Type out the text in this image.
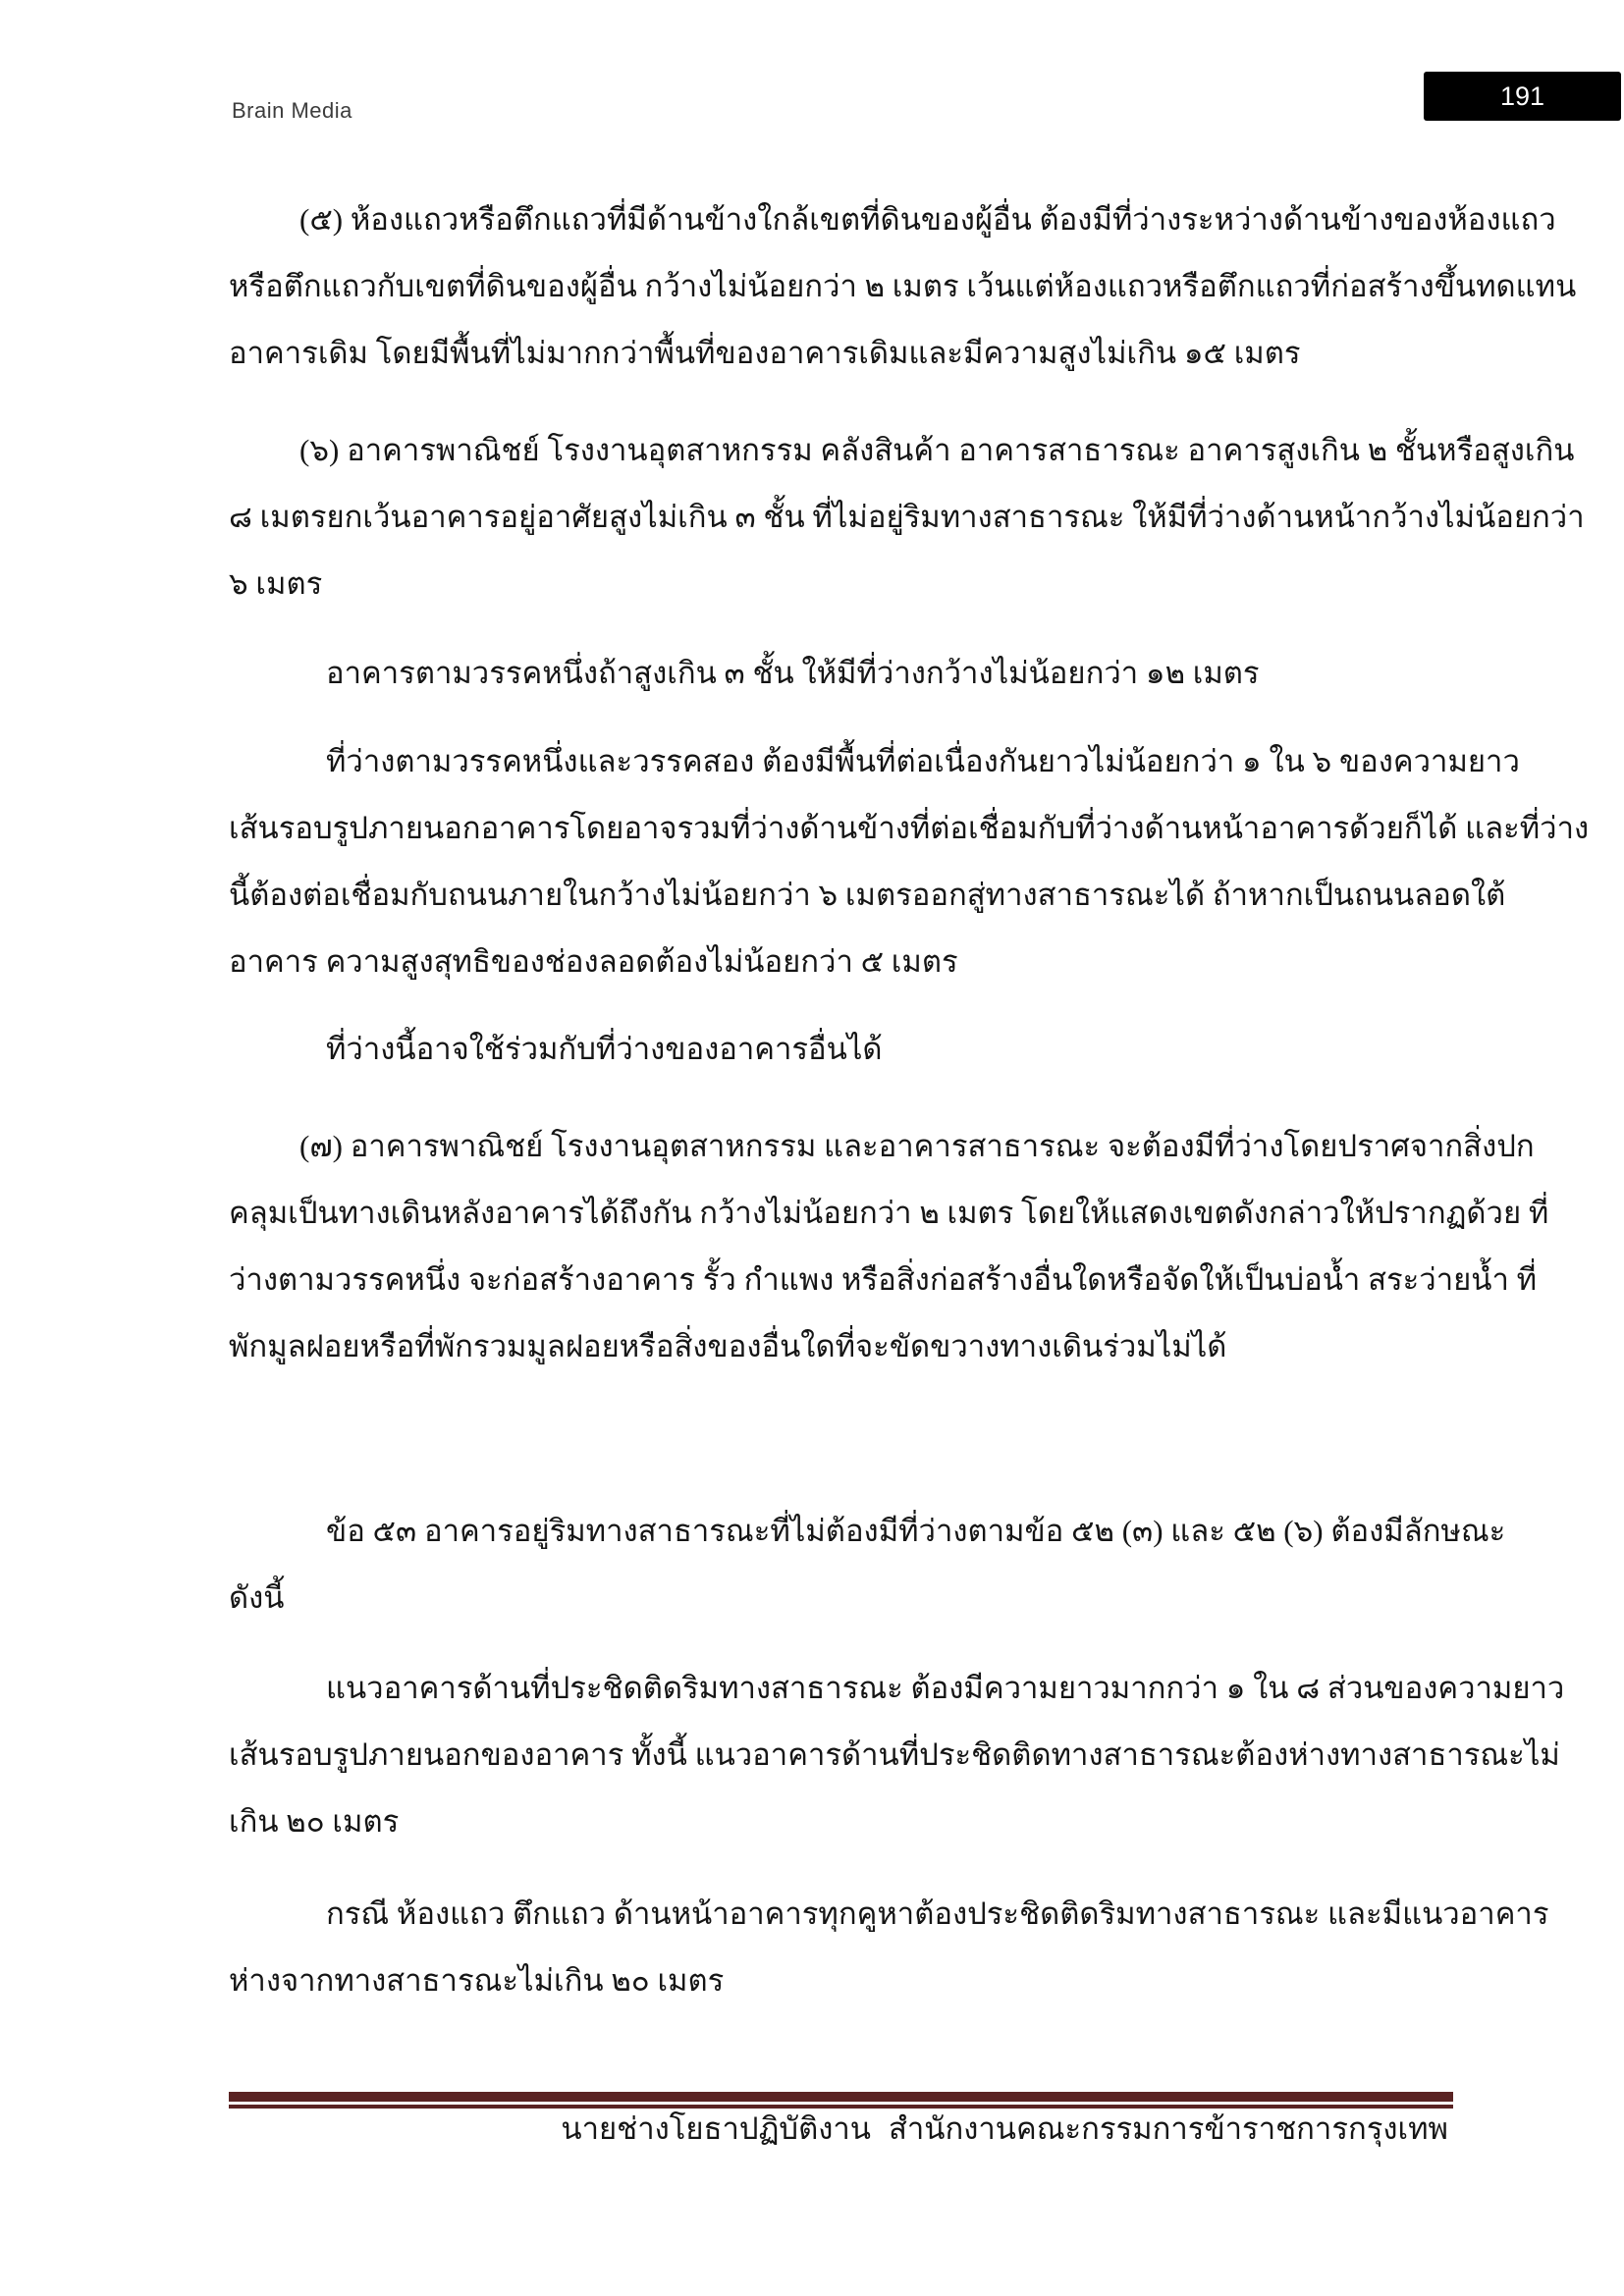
Brain Media	191
(๕) ห้องแถวหรือตึกแถวที่มีด้านข้างใกล้เขตที่ดินของผู้อื่น ต้องมีที่ว่างระหว่างด้านข้างของห้องแถว
หรือตึกแถวกับเขตที่ดินของผู้อื่น กว้างไม่น้อยกว่า ๒ เมตร เว้นแต่ห้องแถวหรือตึกแถวที่ก่อสร้างขึ้นทดแทน
อาคารเดิม โดยมีพื้นที่ไม่มากกว่าพื้นที่ของอาคารเดิมและมีความสูงไม่เกิน ๑๕ เมตร
(๖) อาคารพาณิชย์ โรงงานอุตสาหกรรม คลังสินค้า อาคารสาธารณะ อาคารสูงเกิน ๒ ชั้นหรือสูงเกิน
๘ เมตรยกเว้นอาคารอยู่อาศัยสูงไม่เกิน ๓ ชั้น ที่ไม่อยู่ริมทางสาธารณะ ให้มีที่ว่างด้านหน้ากว้างไม่น้อยกว่า
๖ เมตร
อาคารตามวรรคหนึ่งถ้าสูงเกิน ๓ ชั้น ให้มีที่ว่างกว้างไม่น้อยกว่า ๑๒ เมตร
ที่ว่างตามวรรคหนึ่งและวรรคสอง ต้องมีพื้นที่ต่อเนื่องกันยาวไม่น้อยกว่า ๑ ใน ๖ ของความยาว
เส้นรอบรูปภายนอกอาคารโดยอาจรวมที่ว่างด้านข้างที่ต่อเชื่อมกับที่ว่างด้านหน้าอาคารด้วยก็ได้ และที่ว่าง
นี้ต้องต่อเชื่อมกับถนนภายในกว้างไม่น้อยกว่า ๖ เมตรออกสู่ทางสาธารณะได้ ถ้าหากเป็นถนนลอดใต้
อาคาร ความสูงสุทธิของช่องลอดต้องไม่น้อยกว่า ๕ เมตร
ที่ว่างนี้อาจใช้ร่วมกับที่ว่างของอาคารอื่นได้
(๗) อาคารพาณิชย์ โรงงานอุตสาหกรรม และอาคารสาธารณะ จะต้องมีที่ว่างโดยปราศจากสิ่งปก
คลุมเป็นทางเดินหลังอาคารได้ถึงกัน กว้างไม่น้อยกว่า ๒ เมตร โดยให้แสดงเขตดังกล่าวให้ปรากฏด้วย ที่
ว่างตามวรรคหนึ่ง จะก่อสร้างอาคาร รั้ว กำแพง หรือสิ่งก่อสร้างอื่นใดหรือจัดให้เป็นบ่อน้ำ สระว่ายน้ำ ที่
พักมูลฝอยหรือที่พักรวมมูลฝอยหรือสิ่งของอื่นใดที่จะขัดขวางทางเดินร่วมไม่ได้
ข้อ ๕๓ อาคารอยู่ริมทางสาธารณะที่ไม่ต้องมีที่ว่างตามข้อ ๕๒ (๓) และ ๕๒ (๖) ต้องมีลักษณะ
ดังนี้
แนวอาคารด้านที่ประชิดติดริมทางสาธารณะ ต้องมีความยาวมากกว่า ๑ ใน ๘ ส่วนของความยาว
เส้นรอบรูปภายนอกของอาคาร ทั้งนี้ แนวอาคารด้านที่ประชิดติดทางสาธารณะต้องห่างทางสาธารณะไม่
เกิน ๒๐ เมตร
กรณี ห้องแถว ตึกแถว ด้านหน้าอาคารทุกคูหาต้องประชิดติดริมทางสาธารณะ และมีแนวอาคาร
ห่างจากทางสาธารณะไม่เกิน ๒๐ เมตร
นายช่างโยธาปฏิบัติงาน สำนักงานคณะกรรมการข้าราชการกรุงเทพ
